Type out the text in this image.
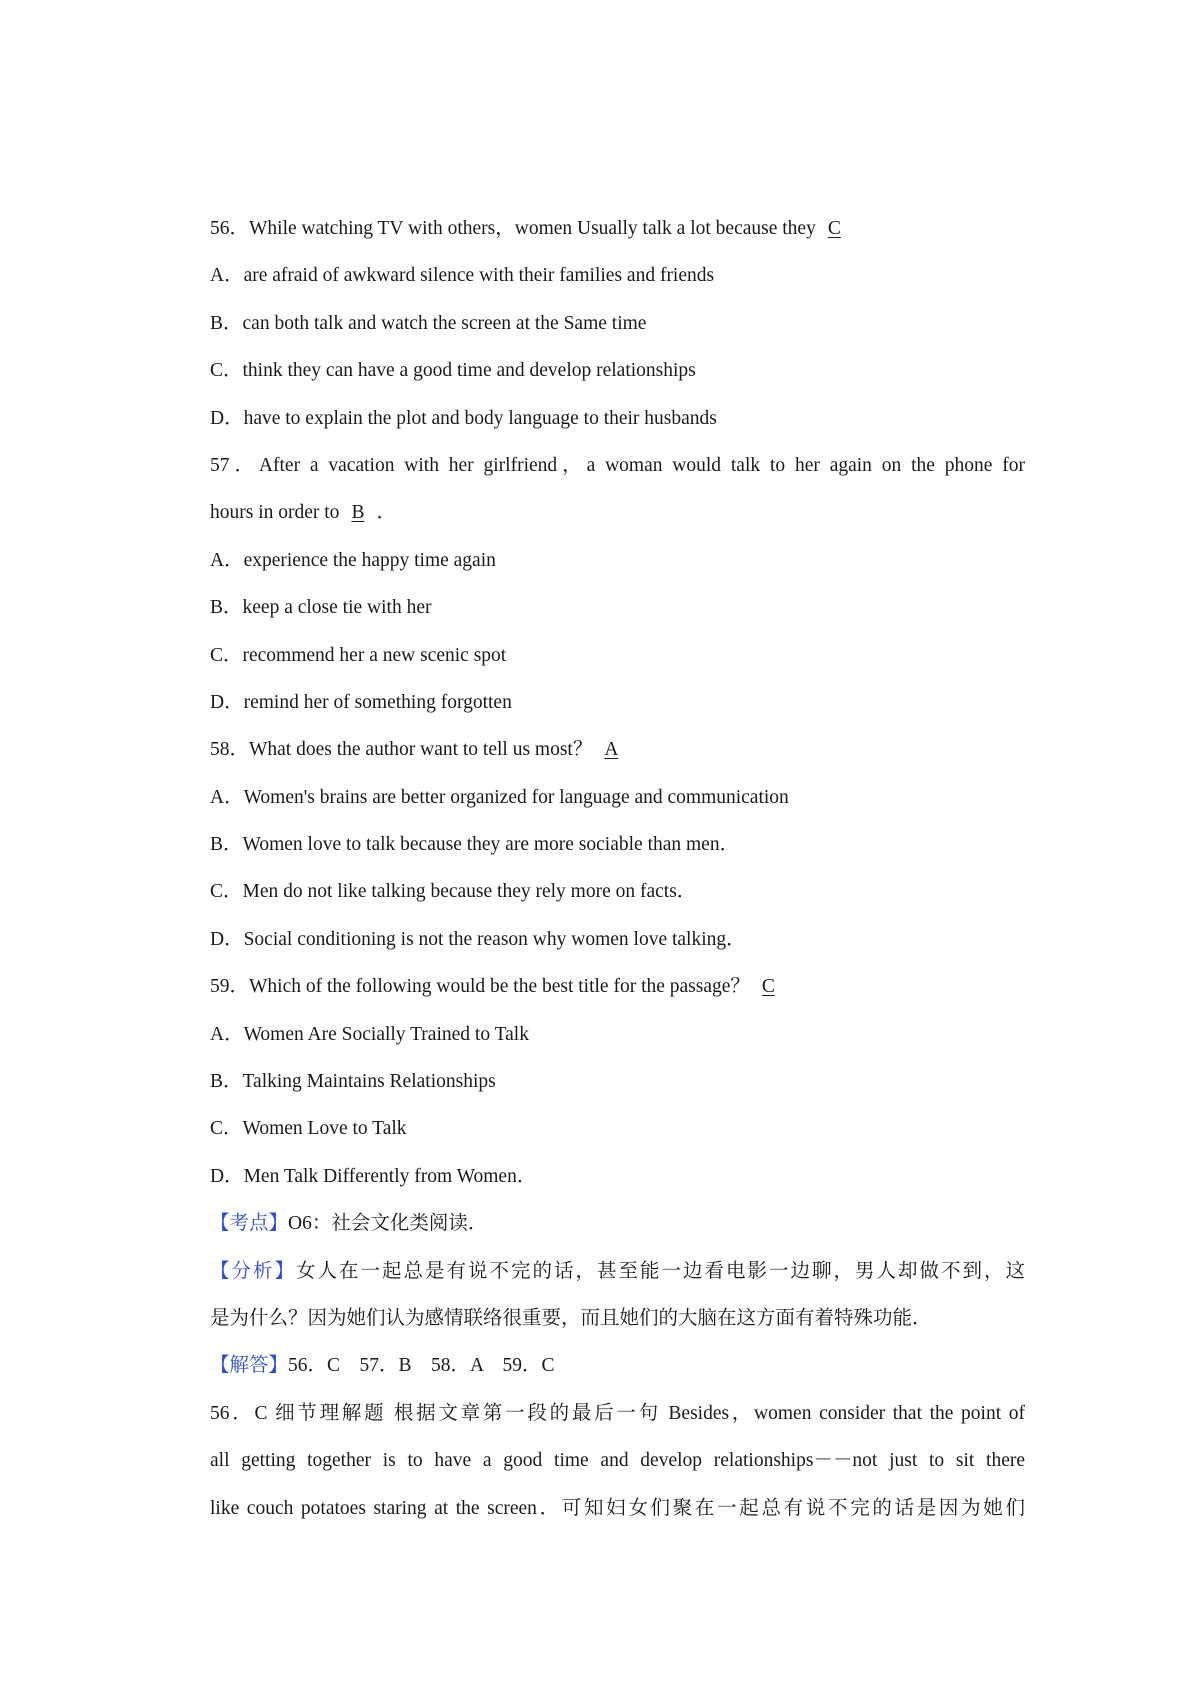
56．While watching TV with others，women Usually talk a lot because they C
A．are afraid of awkward silence with their families and friends
B．can both talk and watch the screen at the Same time
C．think they can have a good time and develop relationships
D．have to explain the plot and body language to their husbands
57．After a vacation with her girlfriend，a woman would talk to her again on the phone for
hours in order to B ．
A．experience the happy time again
B．keep a close tie with her
C．recommend her a new scenic spot
D．remind her of something forgotten
58．What does the author want to tell us most？ A
A．Women's brains are better organized for language and communication
B．Women love to talk because they are more sociable than men．
C．Men do not like talking because they rely more on facts．
D．Social conditioning is not the reason why women love talking．
59．Which of the following would be the best title for the passage？ C
A．Women Are Socially Trained to Talk
B．Talking Maintains Relationships
C．Women Love to Talk
D．Men Talk Differently from Women．
【考点】O6：社会文化类阅读．
【分析】女人在一起总是有说不完的话，甚至能一边看电影一边聊，男人却做不到，这
是为什么？因为她们认为感情联络很重要，而且她们的大脑在这方面有着特殊功能．
【解答】56．C　57．B　58．A　59．C
56．C 细节理解题 根据文章第一段的最后一句 Besides，women consider that the point of
all getting together is to have a good time and develop relationships－－not just to sit there
like couch potatoes staring at the screen．可知妇女们聚在一起总有说不完的话是因为她们
